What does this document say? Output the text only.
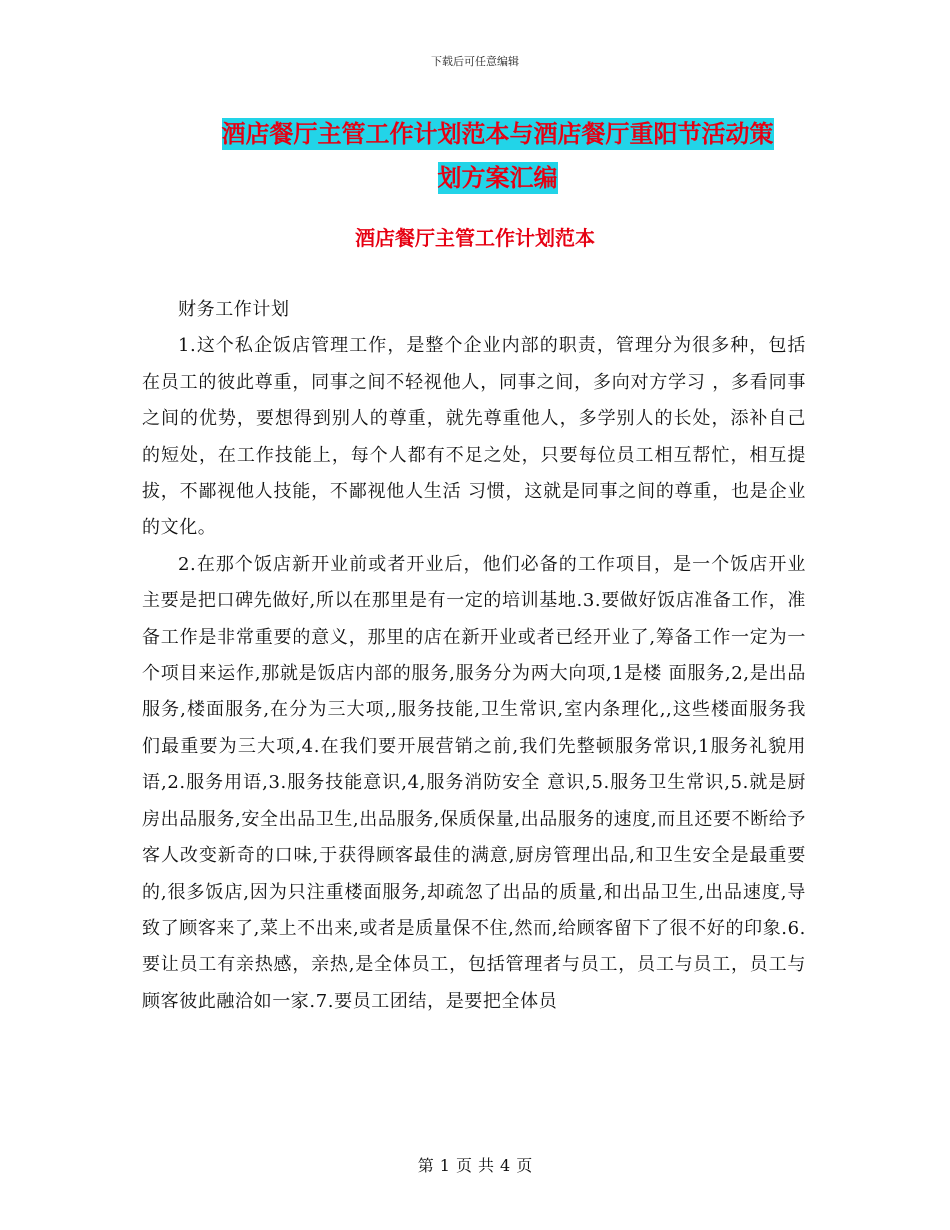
下载后可任意编辑
酒店餐厅主管工作计划范本与酒店餐厅重阳节活动策
划方案汇编
酒店餐厅主管工作计划范本

财务工作计划

1.这个私企饭店管理工作，是整个企业内部的职责，管理分为很多种，包括在员工的彼此尊重，同事之间不轻视他人，同事之间，多向对方学习 ，多看同事之间的优势，要想得到别人的尊重，就先尊重他人，多学别人的长处，添补自己的短处，在工作技能上，每个人都有不足之处，只要每位员工相互帮忙，相互提拔，不鄙视他人技能，不鄙视他人生活 习惯，这就是同事之间的尊重，也是企业的文化。

2.在那个饭店新开业前或者开业后，他们必备的工作项目，是一个饭店开业主要是把口碑先做好,所以在那里是有一定的培训基地.3.要做好饭店准备工作，准备工作是非常重要的意义，那里的店在新开业或者已经开业了,筹备工作一定为一个项目来运作,那就是饭店内部的服务,服务分为两大向项,1是楼 面服务,2,是出品服务,楼面服务,在分为三大项,,服务技能,卫生常识,室内条理化,,这些楼面服务我们最重要为三大项,4.在我们要开展营销之前,我们先整顿服务常识,1服务礼貌用语,2.服务用语,3.服务技能意识,4,服务消防安全 意识,5.服务卫生常识,5.就是厨房出品服务,安全出品卫生,出品服务,保质保量,出品服务的速度,而且还要不断给予客人改变新奇的口味,于获得顾客最佳的满意,厨房管理出品,和卫生安全是最重要的,很多饭店,因为只注重楼面服务,却疏忽了出品的质量,和出品卫生,出品速度,导致了顾客来了,菜上不出来,或者是质量保不住,然而,给顾客留下了很不好的印象.6.要让员工有亲热感，亲热,是全体员工，包括管理者与员工，员工与员工，员工与顾客彼此融洽如一家.7.要员工团结，是要把全体员

第 1 页 共 4 页
